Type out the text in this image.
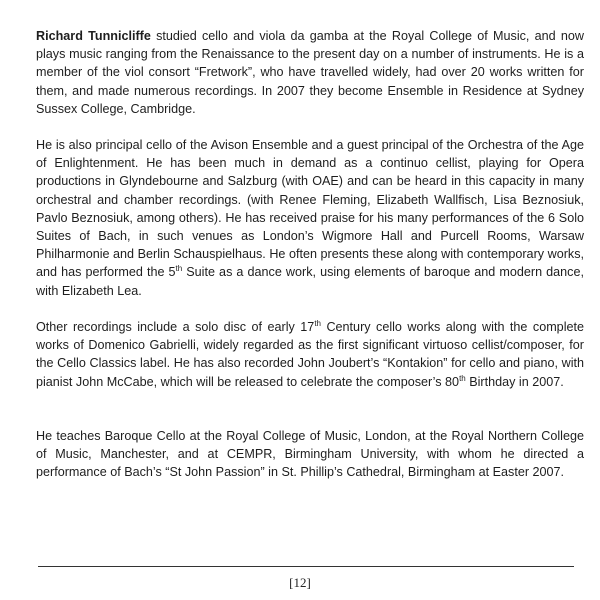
Richard Tunnicliffe studied cello and viola da gamba at the Royal College of Music, and now plays music ranging from the Renaissance to the present day on a number of instruments. He is a member of the viol consort “Fretwork”, who have travelled widely, had over 20 works written for them, and made numerous recordings. In 2007 they become Ensemble in Residence at Sydney Sussex College, Cambridge.

He is also principal cello of the Avison Ensemble and a guest principal of the Orchestra of the Age of Enlightenment. He has been much in demand as a continuo cellist, playing for Opera productions in Glyndebourne and Salzburg (with OAE) and can be heard in this capacity in many orchestral and chamber recordings. (with Renee Fleming, Elizabeth Wallfisch, Lisa Beznosiuk, Pavlo Beznosiuk, among others). He has received praise for his many performances of the 6 Solo Suites of Bach, in such venues as London’s Wigmore Hall and Purcell Rooms, Warsaw Philharmonie and Berlin Schauspielhaus. He often presents these along with contemporary works, and has performed the 5th Suite as a dance work, using elements of baroque and modern dance, with Elizabeth Lea.

Other recordings include a solo disc of early 17th Century cello works along with the complete works of Domenico Gabrielli, widely regarded as the first significant virtuoso cellist/composer, for the Cello Classics label. He has also recorded John Joubert’s “Kontakion” for cello and piano, with pianist John McCabe, which will be released to celebrate the composer’s 80th Birthday in 2007.

He teaches Baroque Cello at the Royal College of Music, London, at the Royal Northern College of Music, Manchester, and at CEMPR, Birmingham University, with whom he directed a performance of Bach’s “St John Passion” in St. Phillip’s Cathedral, Birmingham at Easter 2007.

[12]
